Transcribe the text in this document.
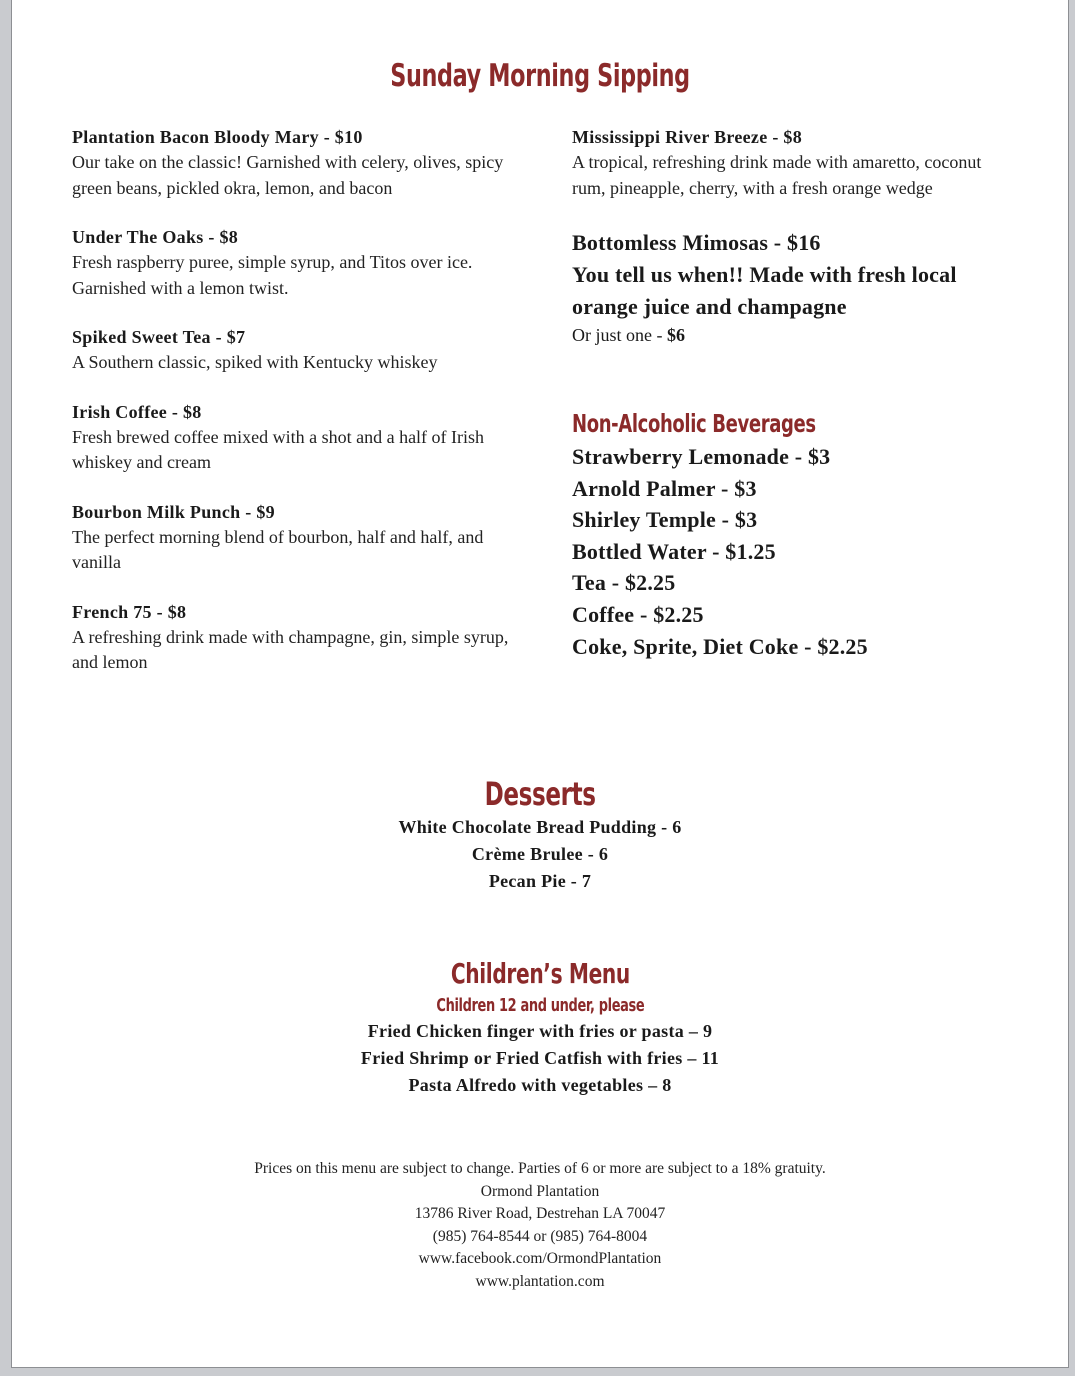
Sunday Morning Sipping
Plantation Bacon Bloody Mary - $10
Our take on the classic! Garnished with celery, olives, spicy green beans, pickled okra, lemon, and bacon
Under The Oaks - $8
Fresh raspberry puree, simple syrup, and Titos over ice. Garnished with a lemon twist.
Spiked Sweet Tea - $7
A Southern classic, spiked with Kentucky whiskey
Irish Coffee - $8
Fresh brewed coffee mixed with a shot and a half of Irish whiskey and cream
Bourbon Milk Punch - $9
The perfect morning blend of bourbon, half and half, and vanilla
French 75 - $8
A refreshing drink made with champagne, gin, simple syrup, and lemon
Mississippi River Breeze - $8
A tropical, refreshing drink made with amaretto, coconut rum, pineapple, cherry, with a fresh orange wedge
Bottomless Mimosas - $16
You tell us when!! Made with fresh local orange juice and champagne
Or just one - $6
Non-Alcoholic Beverages
Strawberry Lemonade - $3
Arnold Palmer - $3
Shirley Temple - $3
Bottled Water - $1.25
Tea - $2.25
Coffee - $2.25
Coke, Sprite, Diet Coke - $2.25
Desserts
White Chocolate Bread Pudding - 6
Crème Brulee - 6
Pecan Pie - 7
Children’s Menu
Children 12 and under, please
Fried Chicken finger with fries or pasta – 9
Fried Shrimp or Fried Catfish with fries – 11
Pasta Alfredo with vegetables – 8
Prices on this menu are subject to change. Parties of 6 or more are subject to a 18% gratuity.
Ormond Plantation
13786 River Road, Destrehan LA 70047
(985) 764-8544 or (985) 764-8004
www.facebook.com/OrmondPlantation
www.plantation.com
